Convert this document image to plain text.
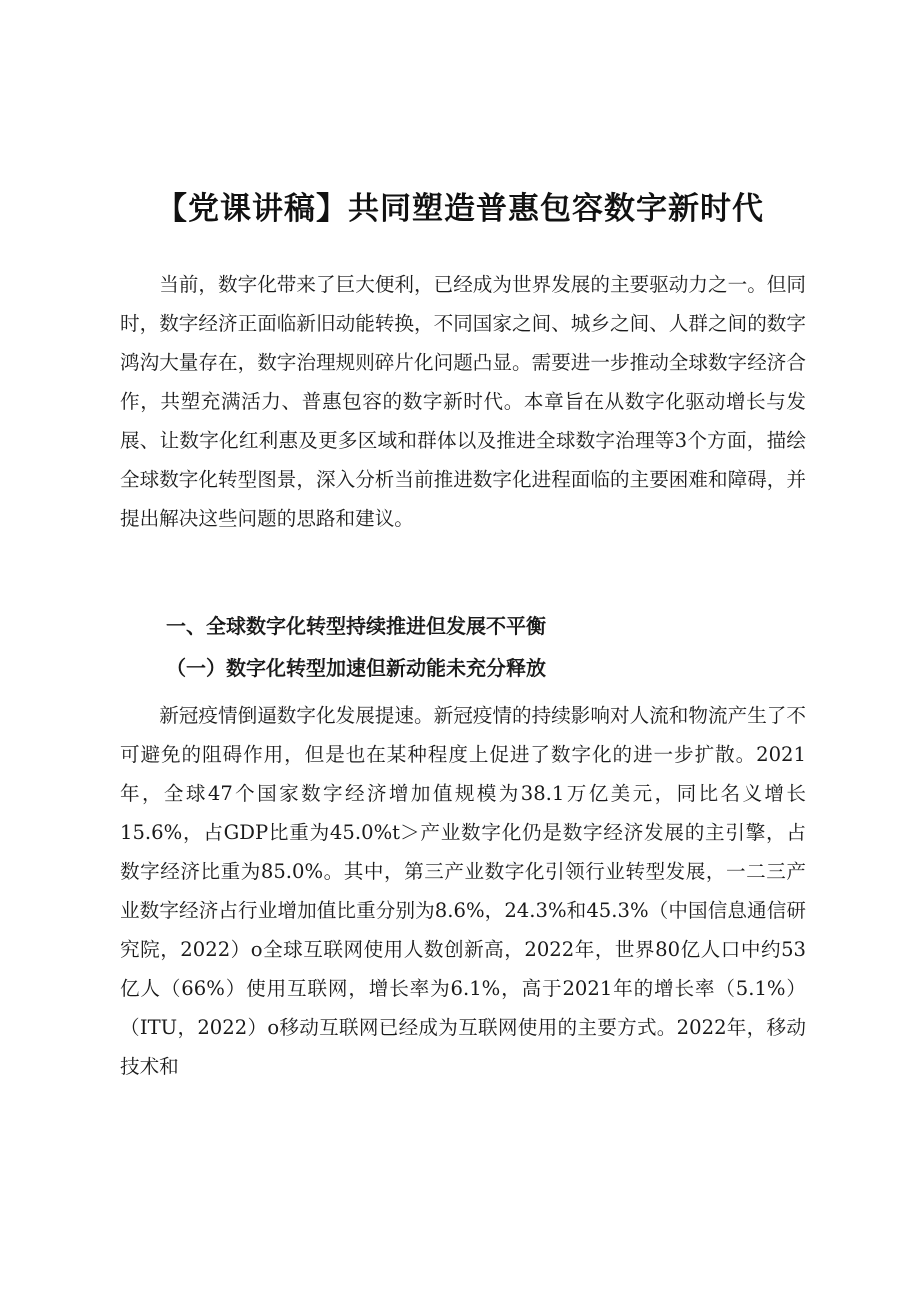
【党课讲稿】共同塑造普惠包容数字新时代

当前，数字化带来了巨大便利，已经成为世界发展的主要驱动力之一。但同时，数字经济正面临新旧动能转换，不同国家之间、城乡之间、人群之间的数字鸿沟大量存在，数字治理规则碎片化问题凸显。需要进一步推动全球数字经济合作，共塑充满活力、普惠包容的数字新时代。本章旨在从数字化驱动增长与发展、让数字化红利惠及更多区域和群体以及推进全球数字治理等3个方面，描绘全球数字化转型图景，深入分析当前推进数字化进程面临的主要困难和障碍，并提出解决这些问题的思路和建议。

一、全球数字化转型持续推进但发展不平衡
（一）数字化转型加速但新动能未充分释放

新冠疫情倒逼数字化发展提速。新冠疫情的持续影响对人流和物流产生了不可避免的阻碍作用，但是也在某种程度上促进了数字化的进一步扩散。2021年，全球47个国家数字经济增加值规模为38.1万亿美元，同比名义增长15.6%，占GDP比重为45.0%t＞产业数字化仍是数字经济发展的主引擎，占数字经济比重为85.0%。其中，第三产业数字化引领行业转型发展，一二三产业数字经济占行业增加值比重分别为8.6%，24.3%和45.3%（中国信息通信研究院，2022）o全球互联网使用人数创新高，2022年，世界80亿人口中约53亿人（66%）使用互联网，增长率为6.1%，高于2021年的增长率（5.1%）（ITU，2022）o移动互联网已经成为互联网使用的主要方式。2022年，移动技术和
